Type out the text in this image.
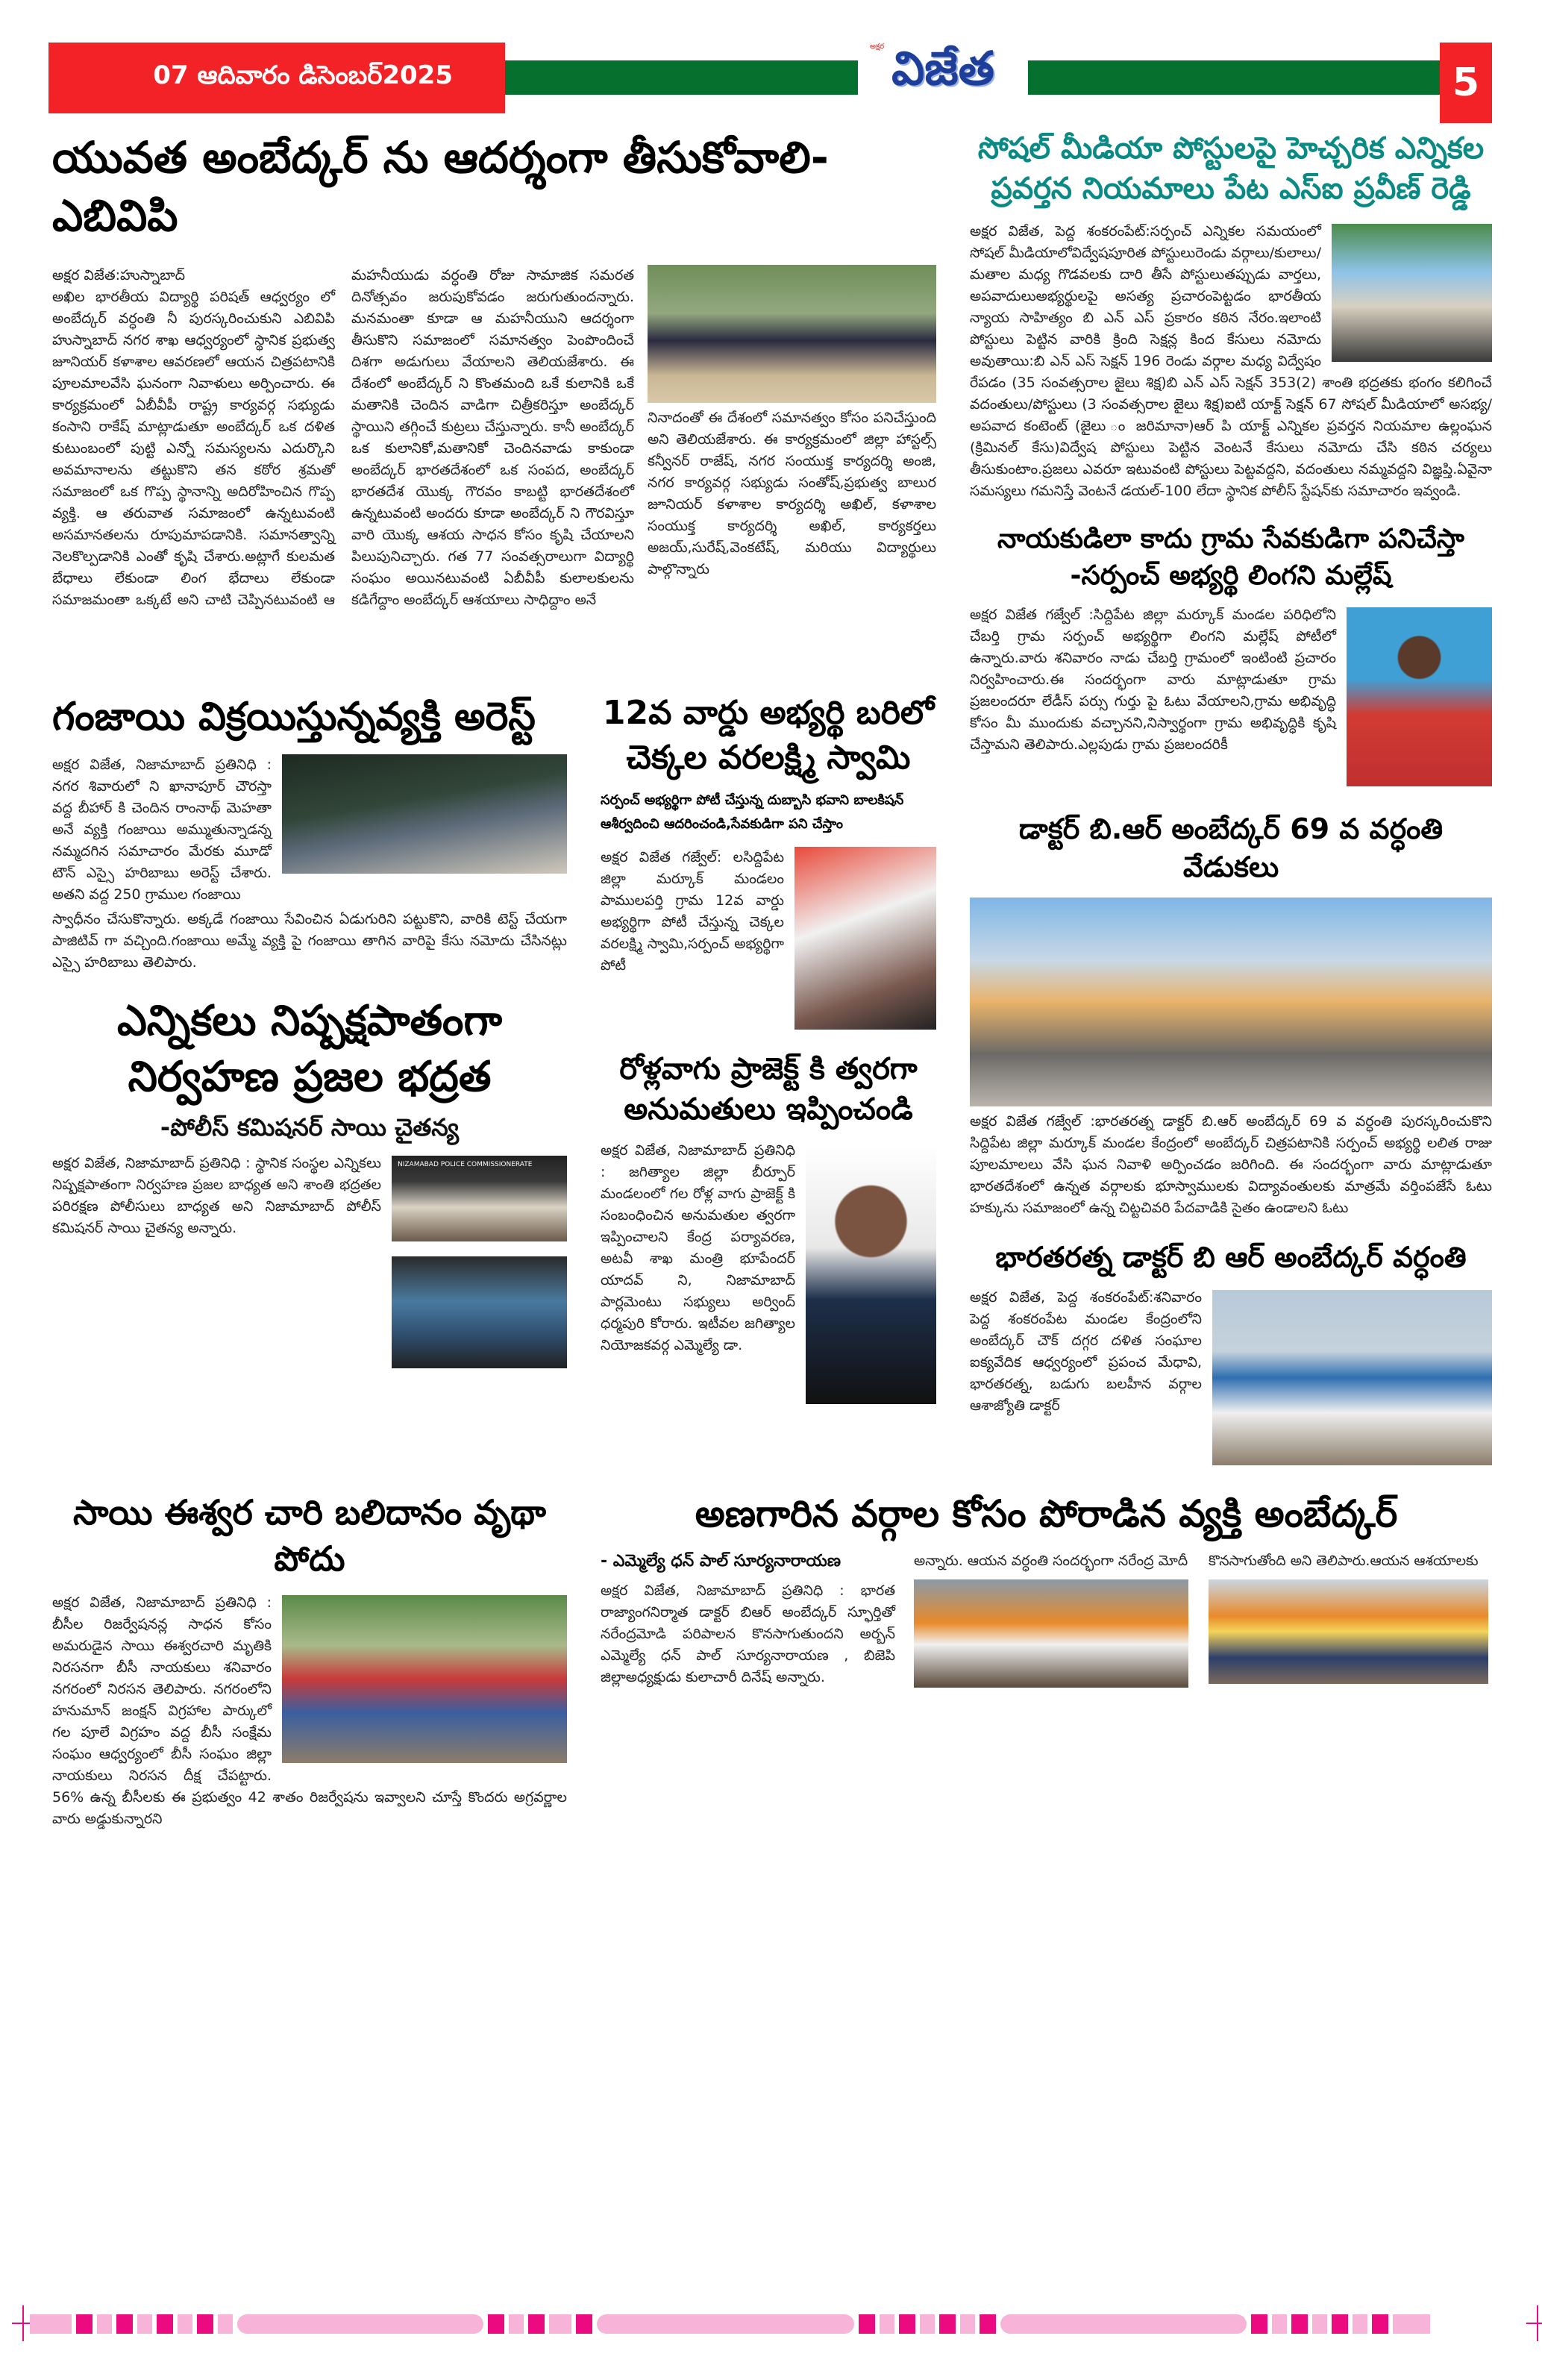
07 ఆదివారం డిసెంబర్2025
అక్షర విజేత	5
యువత అంబేద్కర్ ను ఆదర్శంగా తీసుకోవాలి- ఎబివిపి
అక్షర విజేత:హుస్నాబాద్
అఖిల భారతీయ విద్యార్థి పరిషత్ ఆధ్వర్యం లో అంబేద్కర్ వర్ధంతి నీ పురస్కరించుకుని ఎబివిపి హుస్నాబాద్ నగర శాఖ ఆధ్వర్యంలో స్థానిక ప్రభుత్వ జూనియర్ కళాశాల ఆవరణలో ఆయన చిత్రపటానికి పూలమాలవేసి ఘనంగా నివాళులు అర్పించారు. ఈ కార్యక్రమంలో ఏబీవీపీ రాష్ట్ర కార్యవర్గ సభ్యుడు కంసాని రాకేష్ మాట్లాడుతూ అంబేద్కర్ ఒక దళిత కుటుంబంలో పుట్టి ఎన్నో సమస్యలను ఎదుర్కొని అవమానాలను తట్టుకొని తన కఠోర శ్రమతో సమాజంలో ఒక గొప్ప స్థానాన్ని అదిరోహించిన గొప్ప వ్యక్తి. ఆ తరువాత సమాజంలో ఉన్నటువంటి అసమానతలను రూపుమాపడానికి. సమానత్వాన్ని నెలకొల్పడానికి ఎంతో కృషి చేశారు.అట్లాగే కులమత బేధాలు లేకుండా లింగ భేదాలు లేకుండా సమాజమంతా ఒక్కటే అని చాటి చెప్పినటువంటి ఆ మహనీయుడు వర్ధంతి రోజు సామాజిక సమరత దినోత్సవం జరుపుకోవడం జరుగుతుందన్నారు. మనమంతా కూడా ఆ మహనీయుని ఆదర్శంగా తీసుకొని సమాజంలో సమానత్వం పెంపొందించే దిశగా అడుగులు వేయాలని తెలియజేశారు. ఈ దేశంలో అంబేద్కర్ ని కొంతమంది ఒకే కులానికి ఒకే మతానికి చెందిన వాడిగా చిత్రీకరిస్తూ అంబేద్కర్ స్థాయిని తగ్గించే కుట్రలు చేస్తున్నారు. కానీ అంబేద్కర్ ఒక కులానికో,మతానికో చెందినవాడు కాకుండా అంబేద్కర్ భారతదేశంలో ఒక సంపద, అంబేద్కర్ భారతదేశ యొక్క గౌరవం కాబట్టి భారతదేశంలో ఉన్నటువంటి అందరు కూడా అంబేద్కర్ ని గౌరవిస్తూ వారి యొక్క ఆశయ సాధన కోసం కృషి చేయాలని పిలుపునిచ్చారు. గత 77 సంవత్సరాలుగా విద్యార్థి సంఘం అయినటువంటి ఏబీవీపీ కులాలకులను కడిగేద్దాం అంబేద్కర్ ఆశయాలు సాధిద్దాం అనే
నినాదంతో ఈ దేశంలో సమానత్వం కోసం పనిచేస్తుంది అని తెలియజేశారు. ఈ కార్యక్రమంలో జిల్లా హాస్టల్స్ కన్వీనర్ రాజేష్, నగర సంయుక్త కార్యదర్శి అంజి, నగర కార్యవర్గ సభ్యుడు సంతోష్,ప్రభుత్వ బాలుర జూనియర్ కళాశాల కార్యదర్శి అఖిల్, కళాశాల సంయుక్త కార్యదర్శి అఖిల్, కార్యకర్తలు అజయ్,సురేష్,వెంకటేష్, మరియు విద్యార్థులు పాల్గొన్నారు
సోషల్ మీడియా పోస్టులపై హెచ్చరిక ఎన్నికల
ప్రవర్తన నియమాలు పేట ఎస్ఐ ప్రవీణ్ రెడ్డి
అక్షర విజేత, పెద్ద శంకరంపేట్:సర్పంచ్ ఎన్నికల సమయంలో సోషల్ మీడియాలోవిద్వేషపూరిత పోస్టులురెండు వర్గాలు/కులాలు/మతాల మధ్య గొడవలకు దారి తీసే పోస్టులుతప్పుడు వార్తలు, అపవాదులుఅభ్యర్థులపై అసత్య ప్రచారంపెట్టడం భారతీయ న్యాయ సాహిత్యం బి ఎన్ ఎస్ ప్రకారం కఠిన నేరం.ఇలాంటి పోస్టులు పెట్టిన వారికి క్రింది సెక్షన్ల కింద కేసులు నమోదు అవుతాయి:బి ఎన్ ఎస్ సెక్షన్ 196 రెండు వర్గాల మధ్య విద్వేషం రేపడం (35 సంవత్సరాల జైలు శిక్ష)బి ఎన్ ఎస్ సెక్షన్ 353(2) శాంతి భద్రతకు భంగం కలిగించే వదంతులు/పోస్టులు (3 సంవత్సరాల జైలు శిక్ష)ఐటి యాక్ట్ సెక్షన్ 67 సోషల్ మీడియాలో అసభ్య/అపవాద కంటెంట్ (జైలు ం జరిమానా)ఆర్ పి యాక్ట్ ఎన్నికల ప్రవర్తన నియమాల ఉల్లంఘన (క్రిమినల్ కేసు)విద్వేష పోస్టులు పెట్టిన వెంటనే కేసులు నమోదు చేసి కఠిన చర్యలు తీసుకుంటాం.ప్రజలు ఎవరూ ఇటువంటి పోస్టులు పెట్టవద్దని, వదంతులు నమ్మవద్దని విజ్ఞప్తి.ఏవైనా సమస్యలు గమనిస్తే వెంటనే డయల్-100 లేదా స్థానిక పోలీస్ స్టేషన్‌కు సమాచారం ఇవ్వండి.
నాయకుడిలా కాదు గ్రామ సేవకుడిగా పనిచేస్తా
-సర్పంచ్ అభ్యర్థి లింగని మల్లేష్
అక్షర విజేత గజ్వేల్ :సిద్దిపేట జిల్లా మర్కూక్ మండల పరిధిలోని చేబర్తి గ్రామ సర్పంచ్ అభ్యర్థిగా లింగని మల్లేష్ పోటీలో ఉన్నారు.వారు శనివారం నాడు చేబర్తి గ్రామంలో ఇంటింటి ప్రచారం నిర్వహించారు.ఈ సందర్భంగా వారు మాట్లాడుతూ గ్రామ ప్రజలందరూ లేడీస్ పర్సు గుర్తు పై ఓటు వేయాలని,గ్రామ అభివృద్ధి కోసం మీ ముందుకు వచ్చానని,నిస్వార్థంగా గ్రామ అభివృద్ధికి కృషి చేస్తామని తెలిపారు.ఎల్లపుడు గ్రామ ప్రజలందరికీ
డాక్టర్ బి.ఆర్ అంబేద్కర్ 69 వ వర్ధంతి వేడుకలు
అక్షర విజేత గజ్వేల్ :భారతరత్న డాక్టర్ బి.ఆర్ అంబేద్కర్ 69 వ వర్ధంతి పురస్కరించుకొని సిద్దిపేట జిల్లా మర్కూక్ మండల కేంద్రంలో అంబేద్కర్ చిత్రపటానికి సర్పంచ్ అభ్యర్థి లలిత రాజు పూలమాలలు వేసి ఘన నివాళి అర్పించడం జరిగింది. ఈ సందర్భంగా వారు మాట్లాడుతూ భారతదేశంలో ఉన్నత వర్గాలకు భూస్వాములకు విద్యావంతులకు మాత్రమే వర్తింపజేసే ఓటు హక్కును సమాజంలో ఉన్న చిట్టచివరి పేదవాడికి సైతం ఉండాలని ఓటు
భారతరత్న డాక్టర్ బి ఆర్ అంబేద్కర్ వర్ధంతి
అక్షర విజేత, పెద్ద శంకరంపేట్:శనివారం పెద్ద శంకరంపేట మండల కేంద్రంలోని అంబేద్కర్ చౌక్ దగ్గర దళిత సంఘాల ఐక్యవేదిక ఆధ్వర్యంలో ప్రపంచ మేధావి, భారతరత్న, బడుగు బలహీన వర్గాల ఆశాజ్యోతి డాక్టర్
గంజాయి విక్రయిస్తున్నవ్యక్తి అరెస్ట్
అక్షర విజేత, నిజామాబాద్ ప్రతినిధి : నగర శివారులో ని ఖానాపూర్ చౌరస్తా వద్ద బీహార్ కి చెందిన రాంనాథ్ మెహతా అనే వ్యక్తి గంజాయి అమ్ముతున్నాడన్న నమ్మదగిన సమాచారం మేరకు మూడో టౌన్ ఎస్సై హరిబాబు అరెస్ట్ చేశారు. అతని వద్ద 250 గ్రాముల గంజాయి
స్వాధీనం చేసుకొన్నారు. అక్కడే గంజాయి సేవించిన ఏడుగురిని పట్టుకొని, వారికి టెస్ట్ చేయగా పాజిటివ్ గా వచ్చింది.గంజాయి అమ్మే వ్యక్తి పై గంజాయి తాగిన వారిపై కేసు నమోదు చేసినట్లు ఎస్సై హరిబాబు తెలిపారు.
ఎన్నికలు నిష్పక్షపాతంగా
నిర్వహణ ప్రజల భద్రత
-పోలీస్ కమిషనర్ సాయి చైతన్య
NIZAMABAD POLICE COMMISSIONERATE
అక్షర విజేత, నిజామాబాద్ ప్రతినిధి : స్థానిక సంస్థల ఎన్నికలు నిష్పక్షపాతంగా నిర్వహణ ప్రజల బాధ్యత అని శాంతి భద్రతల పరిరక్షణ పోలీసులు బాధ్యత అని నిజామాబాద్ పోలీస్ కమిషనర్ సాయి చైతన్య అన్నారు.
12వ వార్డు అభ్యర్థి బరిలో
చెక్కల వరలక్ష్మి స్వామి
సర్పంచ్ అభ్యర్థిగా పోటీ చేస్తున్న దుబ్బాసి భవాని బాలకిషన్
ఆశీర్వదించి ఆదరించండి,సేవకుడిగా పని చేస్తాం
అక్షర విజేత గజ్వేల్: లసిద్దిపేట జిల్లా మర్కూక్ మండలం పాములపర్తి గ్రామ 12వ వార్డు అభ్యర్థిగా పోటీ చేస్తున్న చెక్కల వరలక్ష్మి స్వామి,సర్పంచ్ అభ్యర్థిగా పోటీ
రోళ్లవాగు ప్రాజెక్ట్ కి త్వరగా
అనుమతులు ఇప్పించండి
అక్షర విజేత, నిజామాబాద్ ప్రతినిధి : జగిత్యాల జిల్లా బీర్పూర్ మండలంలో గల రోళ్ల వాగు ప్రాజెక్ట్ కి సంబంధించిన అనుమతుల త్వరగా ఇప్పించాలని కేంద్ర పర్యావరణ, అటవీ శాఖ మంత్రి భూపేందర్ యాదవ్ ని, నిజామాబాద్ పార్లమెంటు సభ్యులు అర్వింద్ ధర్మపురి కోరారు. ఇటీవల జగిత్యాల నియోజకవర్గ ఎమ్మెల్యే డా.
సాయి ఈశ్వర చారి బలిదానం వృథా పోదు
అక్షర విజేత, నిజామాబాద్ ప్రతినిధి : బీసీల రిజర్వేషనన్ల సాధన కోసం అమరుడైన సాయి ఈశ్వరచారి మృతికి నిరసనగా బీసీ నాయకులు శనివారం నగరంలో నిరసన తెలిపారు. నగరంలోని హనుమాన్ జంక్షన్ విగ్రహాల పార్కులో గల పూలే విగ్రహం వద్ద బీసీ సంక్షేమ సంఘం ఆధ్వర్యంలో బీసీ సంఘం జిల్లా నాయకులు నిరసన దీక్ష చేపట్టారు. 56% ఉన్న బీసీలకు ఈ ప్రభుత్వం 42 శాతం రిజర్వేషను ఇవ్వాలని చూస్తే కొందరు అగ్రవర్ణాల వారు అడ్డుకున్నారని
అణగారిన వర్గాల కోసం పోరాడిన వ్యక్తి అంబేద్కర్
- ఎమ్మెల్యే ధన్ పాల్ సూర్యనారాయణ
అక్షర విజేత, నిజామాబాద్ ప్రతినిధి : భారత రాజ్యాంగనిర్మాత డాక్టర్ బిఆర్ అంబేద్కర్ స్ఫూర్తితో నరేంద్రమోడి పరిపాలన కొనసాగుతుందని అర్బన్ ఎమ్మెల్యే ధన్ పాల్ సూర్యనారాయణ , బిజెపి జిల్లాఅధ్యక్షుడు కులాచారీ దినేష్ అన్నారు.
అన్నారు. ఆయన వర్ధంతి సందర్భంగా నరేంద్ర మోదీ కొనసాగుతోంది అని తెలిపారు.ఆయన ఆశయాలకు
